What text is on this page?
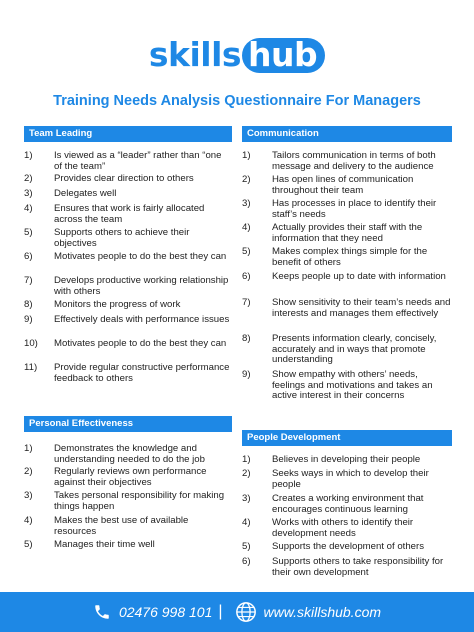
skills hub
Training Needs Analysis Questionnaire For Managers
Team Leading
1)	Is viewed as a “leader” rather than “one of the team”
2)	Provides clear direction to others
3)	Delegates well
4)	Ensures that work is fairly allocated across the team
5)	Supports others to achieve their objectives
6)	Motivates people to do the best they can
7)	Develops productive working relationship with others
8)	Monitors the progress of work
9)	Effectively deals with performance issues
10)	Motivates people to do the best they can
11)	Provide regular constructive performance feedback to others
Communication
1)	Tailors communication in terms of both message and delivery to the audience
2)	Has open lines of communication throughout their team
3)	Has processes in place to identify their staff’s needs
4)	Actually provides their staff with the information that they need
5)	Makes complex things simple for the benefit of others
6)	Keeps people up to date with information
7)	Show sensitivity to their team’s needs and interests and manages them effectively
8)	Presents information clearly, concisely, accurately and in ways that promote understanding
9)	Show empathy with others’ needs, feelings and motivations and takes an active interest in their concerns
Personal Effectiveness
1)	Demonstrates the knowledge and understanding needed to do the job
2)	Regularly reviews own performance against their objectives
3)	Takes personal responsibility for making things happen
4)	Makes the best use of available resources
5)	Manages their time well
People Development
1)	Believes in developing their people
2)	Seeks ways in which to develop their people
3)	Creates a working environment that encourages continuous learning
4)	Works with others to identify their development needs
5)	Supports the development of others
6)	Supports others to take responsibility for their own development
02476 998 101 |	www.skillshub.com
